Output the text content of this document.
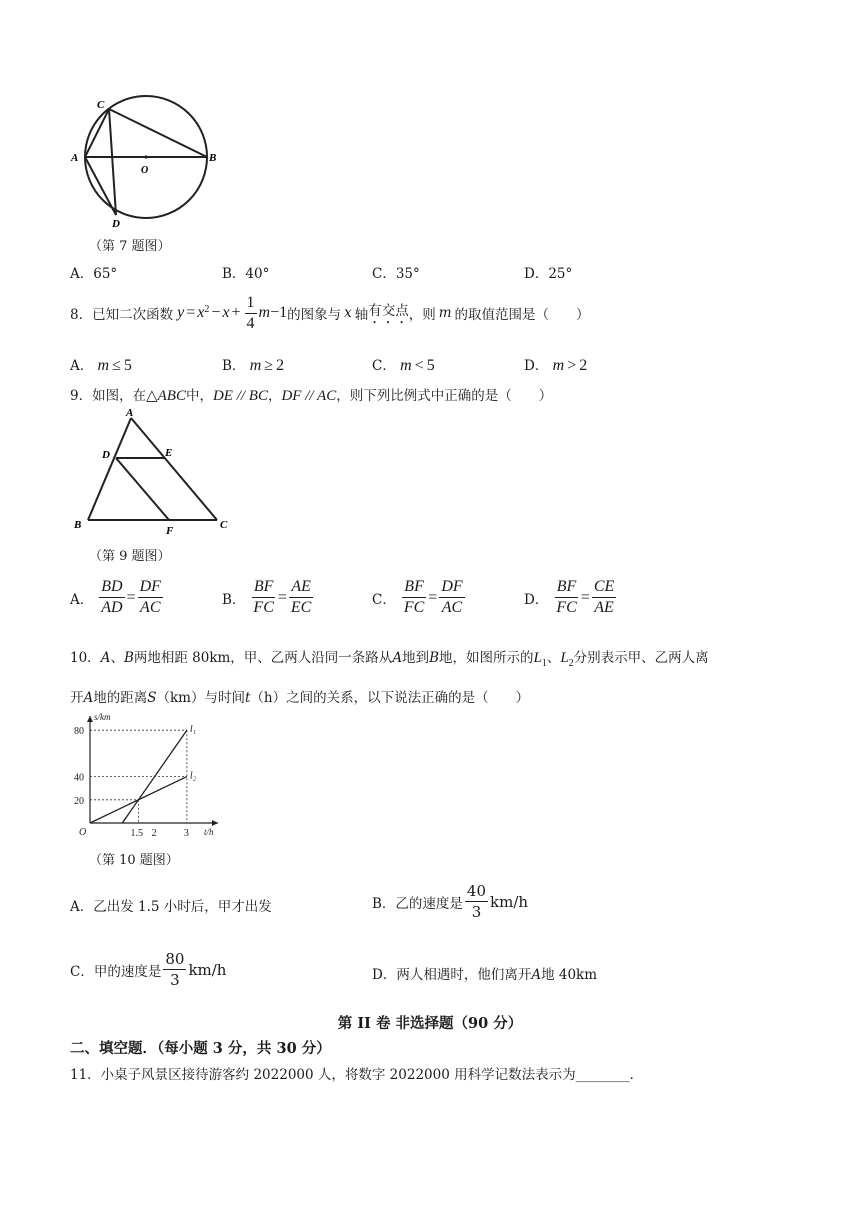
C
A	B
O
D
（第 7 题图）
A．65°	B．40°	C．35°	D．25°
8． 已知二次函数 $y = x^2 - x + \frac{1}{4}$ m −1 的图象与 x 轴 有交点 ，则 m 的取值范围是（　　）
A． m ≤ 5	B． m ≥ 2	C． m < 5	D． m > 2
9．如图，在△ABC中，DE // BC，DF // AC，则下列比例式中正确的是（　　）
A
D	E
B	F	C
（第 9 题图）
A． $\frac{BD}{AD} = \frac{DF}{AC}$	B． $\frac{BF}{FC} = \frac{AE}{EC}$	C． $\frac{BF}{FC} = \frac{DF}{AC}$	D． $\frac{BF}{FC} = \frac{CE}{AE}$
10．A、B两地相距 80km，甲、乙两人沿同一条路从A地到B地，如图所示的$L_1$、$L_2$分别表示甲、乙两人离
开A地的距离S（km）与时间t（h）之间的关系，以下说法正确的是（　　）
80
40
20
1.5 2	3
O
s/km
t/h
l₁
l₂
（第 10 题图）
A．乙出发 1.5 小时后，甲才出发	B． 乙的速度是 $\frac{40}{3} km/h$
C． 甲的速度是 $\frac{80}{3} km/h$	D．两人相遇时，他们离开A地 40km
第 II 卷 非选择题（90 分）
二、填空题．（每小题 3 分，共 30 分）
11．小桌子风景区接待游客约 2022000 人，将数字 2022000 用科学记数法表示为________．
